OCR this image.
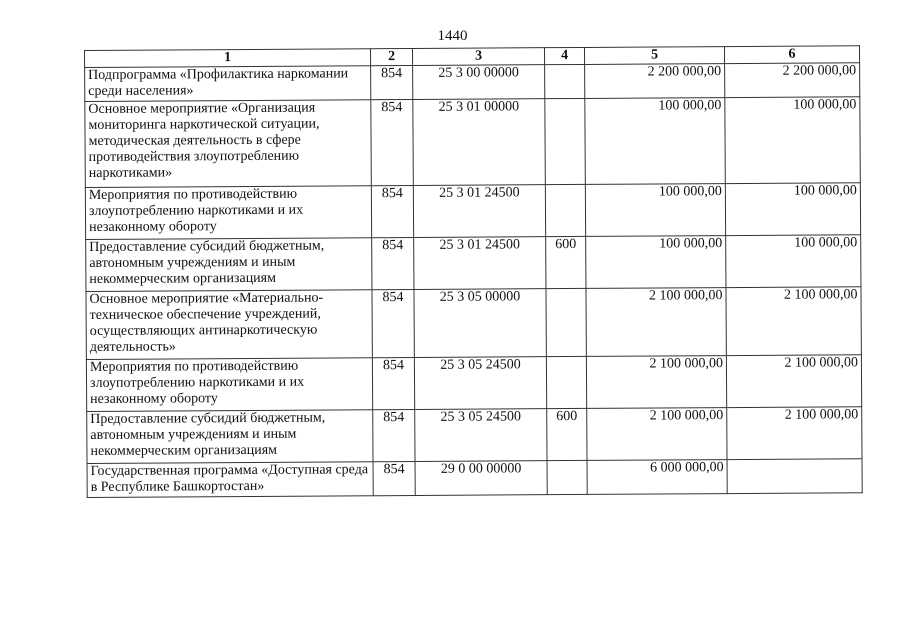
1440
1	2	3	4	5	6
Подпрограмма «Профилактика наркомании среди населения»	854	25 3 00 00000		2 200 000,00	2 200 000,00
Основное мероприятие «Организация мониторинга наркотической ситуации, методическая деятельность в сфере противодействия злоупотреблению наркотиками»	854	25 3 01 00000		100 000,00	100 000,00
Мероприятия по противодействию злоупотреблению наркотиками и их незаконному обороту	854	25 3 01 24500		100 000,00	100 000,00
Предоставление субсидий бюджетным, автономным учреждениям и иным некоммерческим организациям	854	25 3 01 24500	600	100 000,00	100 000,00
Основное мероприятие «Материально-техническое обеспечение учреждений, осуществляющих антинаркотическую деятельность»	854	25 3 05 00000		2 100 000,00	2 100 000,00
Мероприятия по противодействию злоупотреблению наркотиками и их незаконному обороту	854	25 3 05 24500		2 100 000,00	2 100 000,00
Предоставление субсидий бюджетным, автономным учреждениям и иным некоммерческим организациям	854	25 3 05 24500	600	2 100 000,00	2 100 000,00
Государственная программа «Доступная среда в Республике Башкортостан»	854	29 0 00 00000		6 000 000,00	
